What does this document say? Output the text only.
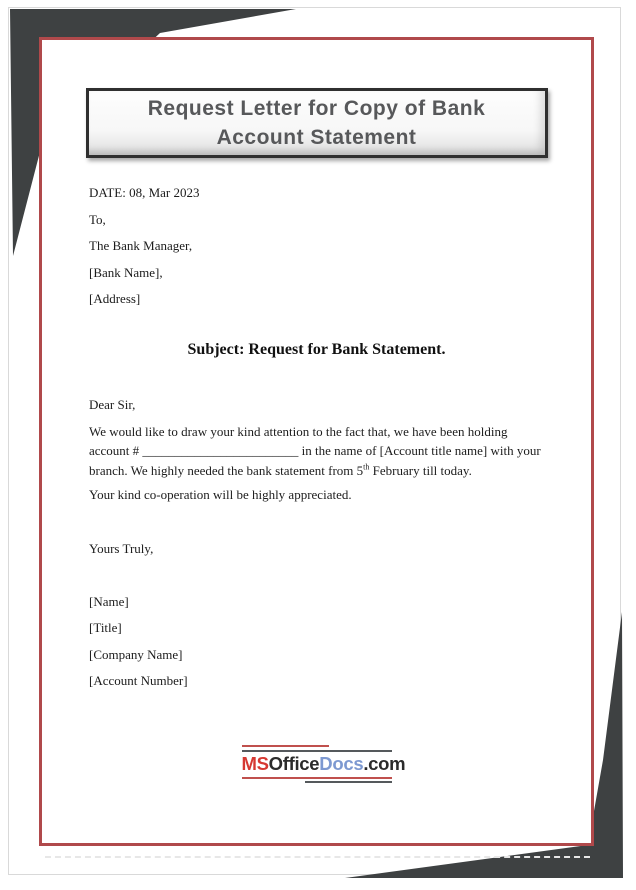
Request Letter for Copy of Bank
Account Statement
DATE: 08, Mar 2023
To,
The Bank Manager,
[Bank Name],
[Address]
Subject: Request for Bank Statement.
Dear Sir,
We would like to draw your kind attention to the fact that, we have been holding account # ________________________ in the name of [Account title name] with your branch. We highly needed the bank statement from 5th February till today.
Your kind co-operation will be highly appreciated.
Yours Truly,
[Name]
[Title]
[Company Name]
[Account Number]
MSOfficeDocs.com
